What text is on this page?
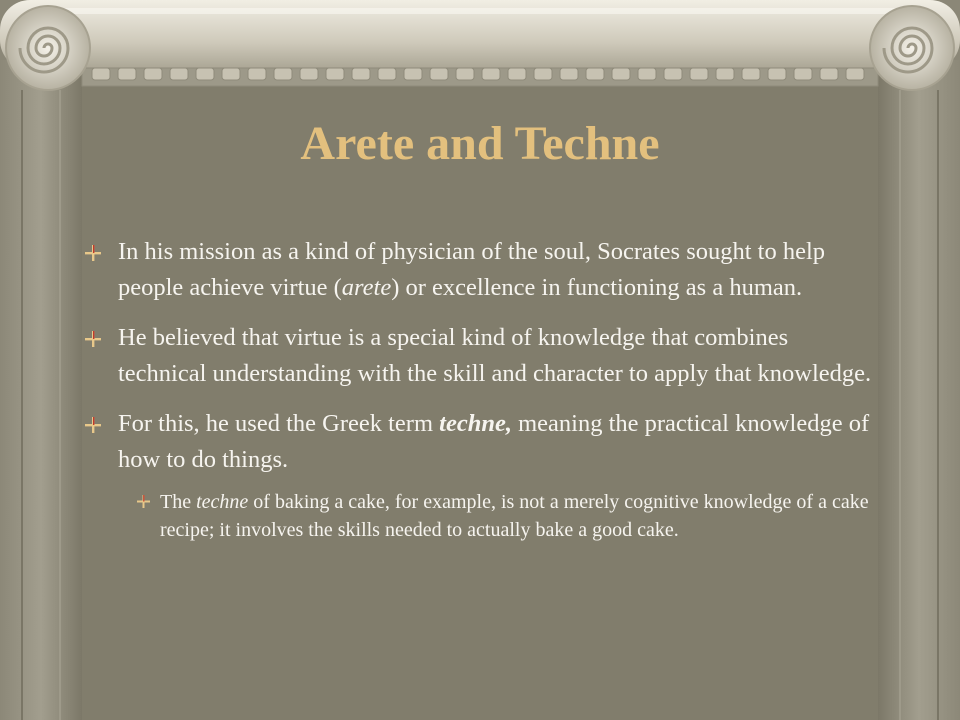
Arete and Techne
In his mission as a kind of physician of the soul, Socrates sought to help people achieve virtue (arete) or excellence in functioning as a human.
He believed that virtue is a special kind of knowledge that combines technical understanding with the skill and character to apply that knowledge.
For this, he used the Greek term techne, meaning the practical knowledge of how to do things.
The techne of baking a cake, for example, is not a merely cognitive knowledge of a cake recipe; it involves the skills needed to actually bake a good cake.
